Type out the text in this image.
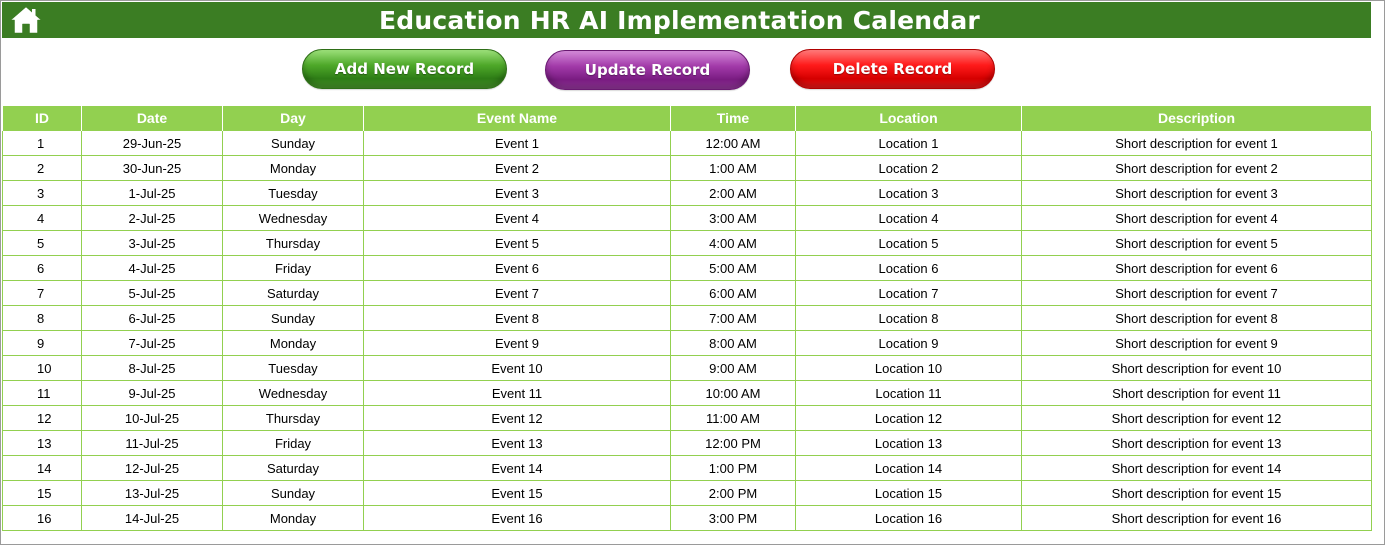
Education HR AI Implementation Calendar
Add New Record	Update Record	Delete Record
ID	Date	Day	Event Name	Time	Location	Description
1	29-Jun-25	Sunday	Event 1	12:00 AM	Location 1	Short description for event 1
2	30-Jun-25	Monday	Event 2	1:00 AM	Location 2	Short description for event 2
3	1-Jul-25	Tuesday	Event 3	2:00 AM	Location 3	Short description for event 3
4	2-Jul-25	Wednesday	Event 4	3:00 AM	Location 4	Short description for event 4
5	3-Jul-25	Thursday	Event 5	4:00 AM	Location 5	Short description for event 5
6	4-Jul-25	Friday	Event 6	5:00 AM	Location 6	Short description for event 6
7	5-Jul-25	Saturday	Event 7	6:00 AM	Location 7	Short description for event 7
8	6-Jul-25	Sunday	Event 8	7:00 AM	Location 8	Short description for event 8
9	7-Jul-25	Monday	Event 9	8:00 AM	Location 9	Short description for event 9
10	8-Jul-25	Tuesday	Event 10	9:00 AM	Location 10	Short description for event 10
11	9-Jul-25	Wednesday	Event 11	10:00 AM	Location 11	Short description for event 11
12	10-Jul-25	Thursday	Event 12	11:00 AM	Location 12	Short description for event 12
13	11-Jul-25	Friday	Event 13	12:00 PM	Location 13	Short description for event 13
14	12-Jul-25	Saturday	Event 14	1:00 PM	Location 14	Short description for event 14
15	13-Jul-25	Sunday	Event 15	2:00 PM	Location 15	Short description for event 15
16	14-Jul-25	Monday	Event 16	3:00 PM	Location 16	Short description for event 16
